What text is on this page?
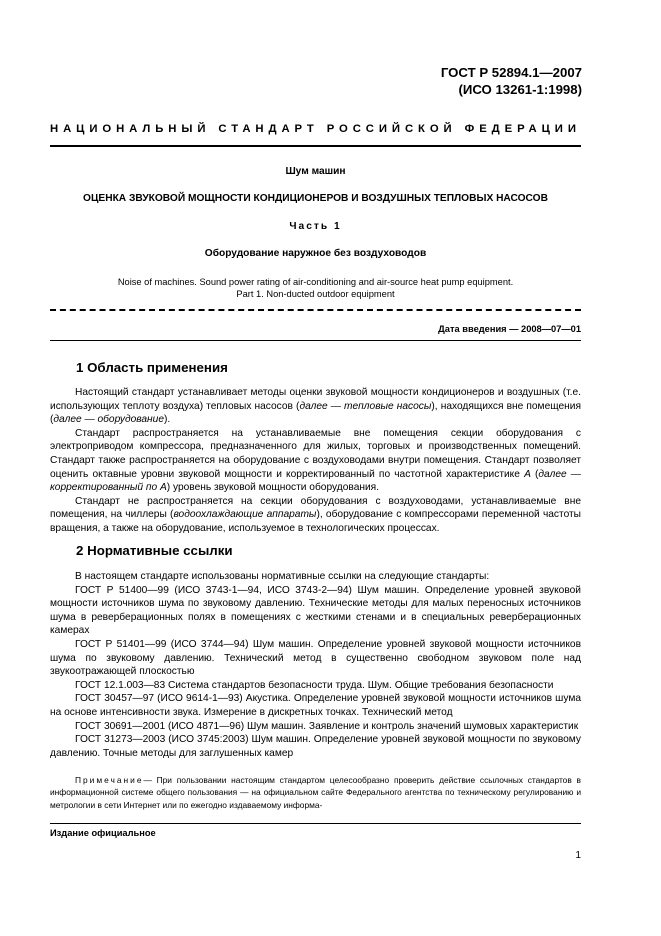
ГОСТ Р 52894.1—2007
(ИСО 13261-1:1998)
НАЦИОНАЛЬНЫЙ СТАНДАРТ РОССИЙСКОЙ ФЕДЕРАЦИИ
Шум машин
ОЦЕНКА ЗВУКОВОЙ МОЩНОСТИ КОНДИЦИОНЕРОВ И ВОЗДУШНЫХ ТЕПЛОВЫХ НАСОСОВ
Часть 1
Оборудование наружное без воздуховодов
Noise of machines. Sound power rating of air-conditioning and air-source heat pump equipment.
Part 1. Non-ducted outdoor equipment
Дата введения — 2008—07—01
1 Область применения

Настоящий стандарт устанавливает методы оценки звуковой мощности кондиционеров и воздушных (т.е. использующих теплоту воздуха) тепловых насосов (далее — тепловые насосы), находящихся вне помещения (далее — оборудование).

Стандарт распространяется на устанавливаемые вне помещения секции оборудования с электроприводом компрессора, предназначенного для жилых, торговых и производственных помещений. Стандарт также распространяется на оборудование с воздуховодами внутри помещения. Стандарт позволяет оценить октавные уровни звуковой мощности и корректированный по частотной характеристике А (далее — корректированный по А) уровень звуковой мощности оборудования.

Стандарт не распространяется на секции оборудования с воздуховодами, устанавливаемые вне помещения, на чиллеры (водоохлаждающие аппараты), оборудование с компрессорами переменной частоты вращения, а также на оборудование, используемое в технологических процессах.

2 Нормативные ссылки

В настоящем стандарте использованы нормативные ссылки на следующие стандарты:

ГОСТ Р 51400—99 (ИСО 3743-1—94, ИСО 3743-2—94) Шум машин. Определение уровней звуковой мощности источников шума по звуковому давлению. Технические методы для малых переносных источников шума в реверберационных полях в помещениях с жесткими стенами и в специальных реверберационных камерах

ГОСТ Р 51401—99 (ИСО 3744—94) Шум машин. Определение уровней звуковой мощности источников шума по звуковому давлению. Технический метод в существенно свободном звуковом поле над звукоотражающей плоскостью

ГОСТ 12.1.003—83 Система стандартов безопасности труда. Шум. Общие требования безопасности

ГОСТ 30457—97 (ИСО 9614-1—93) Акустика. Определение уровней звуковой мощности источников шума на основе интенсивности звука. Измерение в дискретных точках. Технический метод

ГОСТ 30691—2001 (ИСО 4871—96) Шум машин. Заявление и контроль значений шумовых характеристик

ГОСТ 31273—2003 (ИСО 3745:2003) Шум машин. Определение уровней звуковой мощности по звуковому давлению. Точные методы для заглушенных камер

Примечание— При пользовании настоящим стандартом целесообразно проверить действие ссылочных стандартов в информационной системе общего пользования — на официальном сайте Федерального агентства по техническому регулированию и метрологии в сети Интернет или по ежегодно издаваемому информа-

Издание официальное
1
